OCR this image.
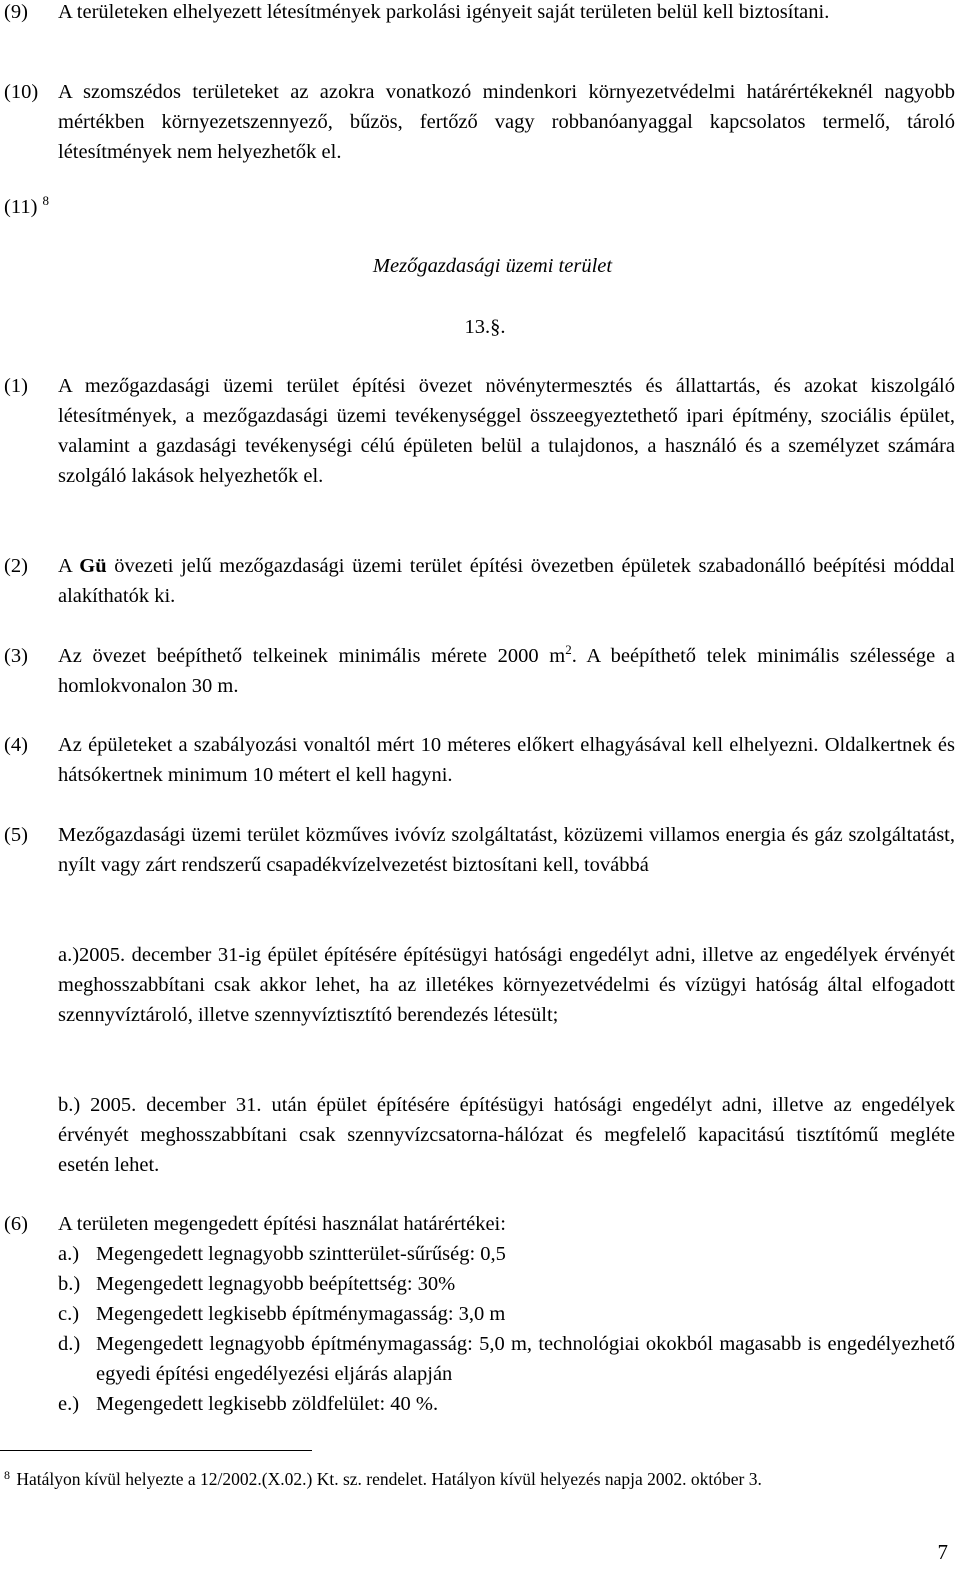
(9) A területeken elhelyezett létesítmények parkolási igényeit saját területen belül kell biztosítani.
(10) A szomszédos területeket az azokra vonatkozó mindenkori környezetvédelmi határértékeknél nagyobb mértékben környezetszennyező, bűzös, fertőző vagy robbanóanyaggal kapcsolatos termelő, tároló létesítmények nem helyezhetők el.
(11) $^8$
Mezőgazdasági üzemi terület
13.§.
(1) A mezőgazdasági üzemi terület építési övezet növénytermesztés és állattartás, és azokat kiszolgáló létesítmények, a mezőgazdasági üzemi tevékenységgel összeegyeztethető ipari építmény, szociális épület, valamint a gazdasági tevékenységi célú épületen belül a tulajdonos, a használó és a személyzet számára szolgáló lakások helyezhetők el.
(2) A Gü övezeti jelű mezőgazdasági üzemi terület építési övezetben épületek szabadonálló beépítési móddal alakíthatók ki.
(3) Az övezet beépíthető telkeinek minimális mérete 2000 $m^2$. A beépíthető telek minimális szélessége a homlokvonalon 30 m.
(4) Az épületeket a szabályozási vonaltól mért 10 méteres előkert elhagyásával kell elhelyezni. Oldalkertnek és hátsókertnek minimum 10 métert el kell hagyni.
(5) Mezőgazdasági üzemi terület közműves ivóvíz szolgáltatást, közüzemi villamos energia és gáz szolgáltatást, nyílt vagy zárt rendszerű csapadékvízelvezetést biztosítani kell, továbbá
a.)2005. december 31-ig épület építésére építésügyi hatósági engedélyt adni, illetve az engedélyek érvényét meghosszabbítani csak akkor lehet, ha az illetékes környezetvédelmi és vízügyi hatóság által elfogadott szennyvíztároló, illetve szennyvíztisztító berendezés létesült;
b.) 2005. december 31. után épület építésére építésügyi hatósági engedélyt adni, illetve az engedélyek érvényét meghosszabbítani csak szennyvízcsatorna-hálózat és megfelelő kapacitású tisztítómű megléte esetén lehet.
(6) A területen megengedett építési használat határértékei:
a.) Megengedett legnagyobb szintterület-sűrűség: 0,5
b.) Megengedett legnagyobb beépítettség: 30%
c.) Megengedett legkisebb építménymagasság: 3,0 m
d.) Megengedett legnagyobb építménymagasság: 5,0 m, technológiai okokból magasabb is engedélyezhető egyedi építési engedélyezési eljárás alapján
e.) Megengedett legkisebb zöldfelület: 40 %.
$^8$ Hatályon kívül helyezte a 12/2002.(X.02.) Kt. sz. rendelet. Hatályon kívül helyezés napja 2002. október 3.
7
